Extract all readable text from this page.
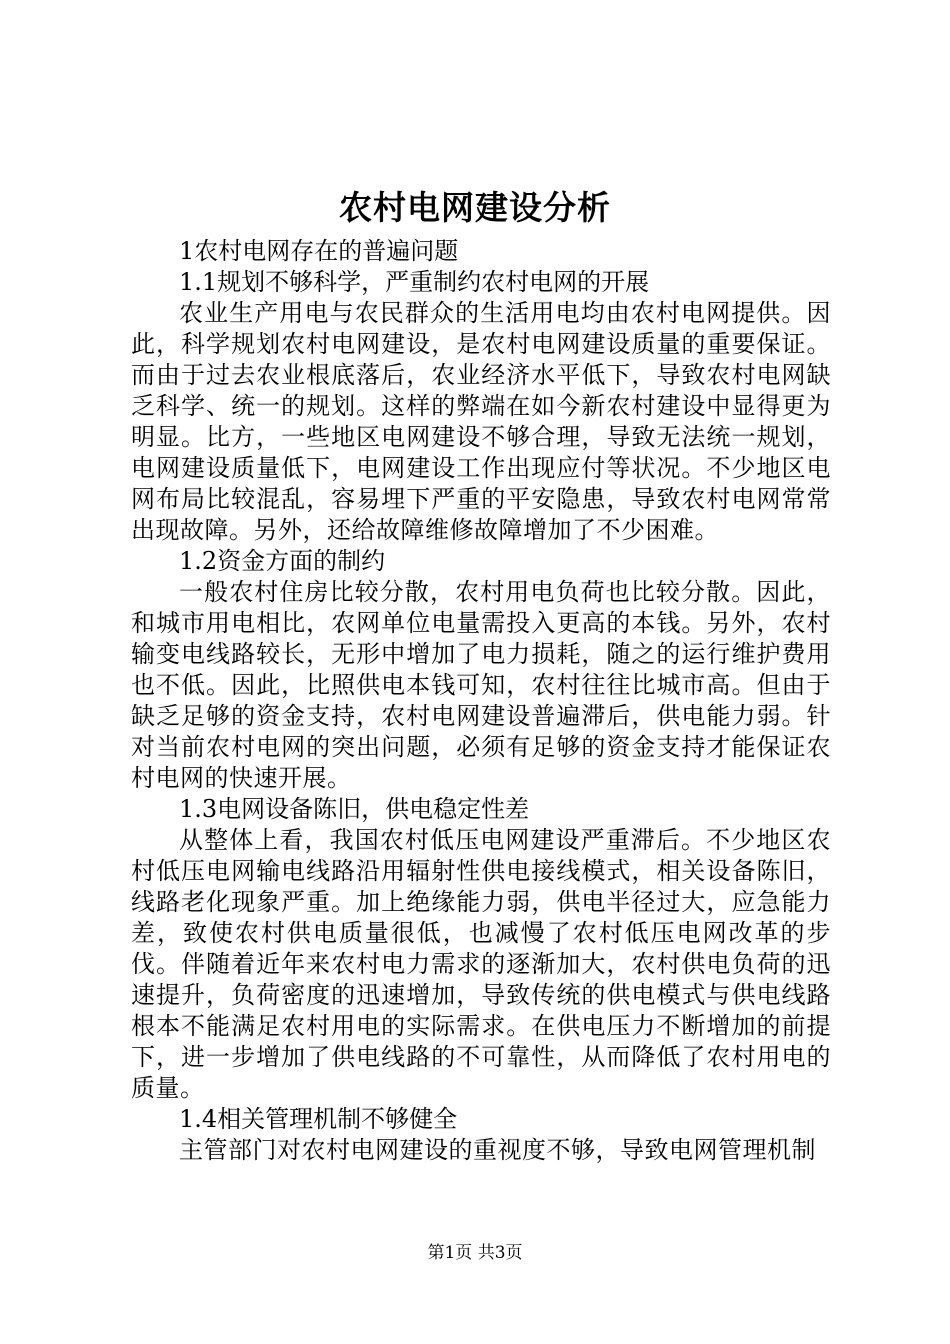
农村电网建设分析

1农村电网存在的普遍问题

1.1规划不够科学，严重制约农村电网的开展

农业生产用电与农民群众的生活用电均由农村电网提供。因此，科学规划农村电网建设，是农村电网建设质量的重要保证。而由于过去农业根底落后，农业经济水平低下，导致农村电网缺乏科学、统一的规划。这样的弊端在如今新农村建设中显得更为明显。比方，一些地区电网建设不够合理，导致无法统一规划，电网建设质量低下，电网建设工作出现应付等状况。不少地区电网布局比较混乱，容易埋下严重的平安隐患，导致农村电网常常出现故障。另外，还给故障维修故障增加了不少困难。

1.2资金方面的制约

一般农村住房比较分散，农村用电负荷也比较分散。因此，和城市用电相比，农网单位电量需投入更高的本钱。另外，农村输变电线路较长，无形中增加了电力损耗，随之的运行维护费用也不低。因此，比照供电本钱可知，农村往往比城市高。但由于缺乏足够的资金支持，农村电网建设普遍滞后，供电能力弱。针对当前农村电网的突出问题，必须有足够的资金支持才能保证农村电网的快速开展。

1.3电网设备陈旧，供电稳定性差

从整体上看，我国农村低压电网建设严重滞后。不少地区农村低压电网输电线路沿用辐射性供电接线模式，相关设备陈旧，线路老化现象严重。加上绝缘能力弱，供电半径过大，应急能力差，致使农村供电质量很低，也减慢了农村低压电网改革的步伐。伴随着近年来农村电力需求的逐渐加大，农村供电负荷的迅速提升，负荷密度的迅速增加，导致传统的供电模式与供电线路根本不能满足农村用电的实际需求。在供电压力不断增加的前提下，进一步增加了供电线路的不可靠性，从而降低了农村用电的质量。

1.4相关管理机制不够健全

主管部门对农村电网建设的重视度不够，导致电网管理机制

第1页 共3页
